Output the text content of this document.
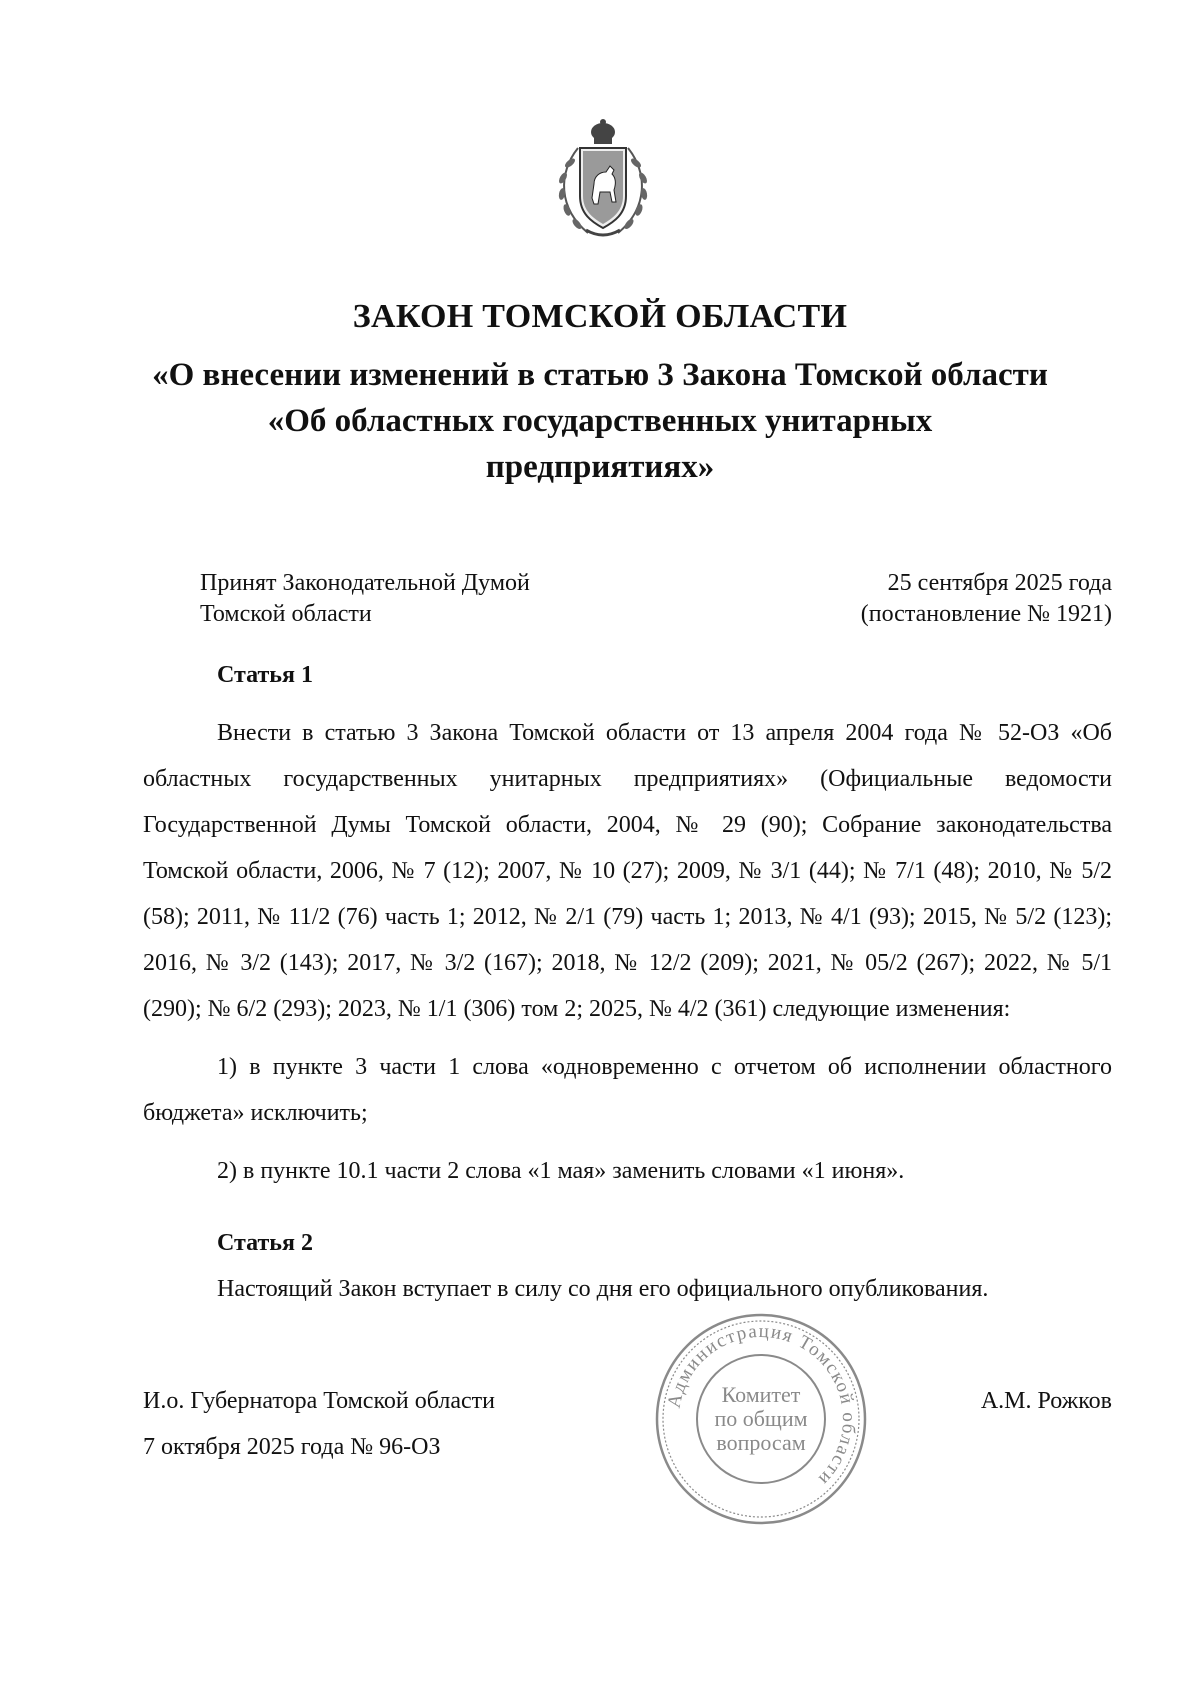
ЗАКОН ТОМСКОЙ ОБЛАСТИ
«О внесении изменений в статью 3 Закона Томской области «Об областных государственных унитарных предприятиях»
Принят Законодательной Думой
Томской области
25 сентября 2025 года
(постановление № 1921)

Статья 1

Внести в статью 3 Закона Томской области от 13 апреля 2004 года № 52-ОЗ «Об областных государственных унитарных предприятиях» (Официальные ведомости Государственной Думы Томской области, 2004, № 29 (90); Собрание законодательства Томской области, 2006, № 7 (12); 2007, № 10 (27); 2009, № 3/1 (44); № 7/1 (48); 2010, № 5/2 (58); 2011, № 11/2 (76) часть 1; 2012, № 2/1 (79) часть 1; 2013, № 4/1 (93); 2015, № 5/2 (123); 2016, № 3/2 (143); 2017, № 3/2 (167); 2018, № 12/2 (209); 2021, № 05/2 (267); 2022, № 5/1 (290); № 6/2 (293); 2023, № 1/1 (306) том 2; 2025, № 4/2 (361) следующие изменения:

1) в пункте 3 части 1 слова «одновременно с отчетом об исполнении областного бюджета» исключить;

2) в пункте 10.1 части 2 слова «1 мая» заменить словами «1 июня».

Статья 2

Настоящий Закон вступает в силу со дня его официального опубликования.

И.о. Губернатора Томской области
7 октября 2025 года № 96-ОЗ
А.М. Рожков
Администрация Томской области
Комитет
по общим
вопросам
